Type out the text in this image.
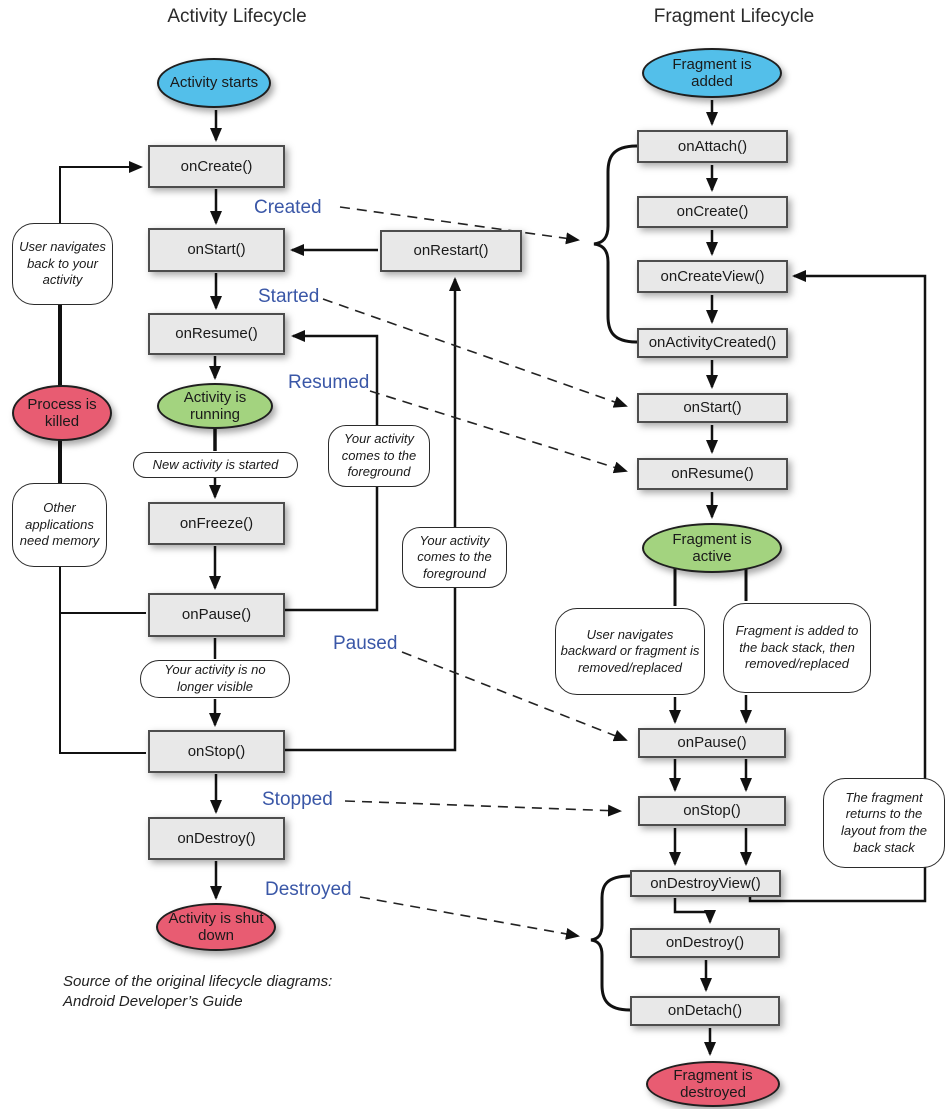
Activity Lifecycle	Fragment Lifecycle
Activity starts
Activity is running
Process is killed
Activity is shut down
onCreate()
onStart()
onResume()
onFreeze()
onPause()
onStop()
onDestroy()
onRestart()
User navigates back to your activity
Other applications need memory
New activity is started
Your activity comes to the foreground
Your activity comes to the foreground
Your activity is no longer visible
Created
Started
Resumed
Paused
Stopped
Destroyed
Fragment is added
Fragment is active
Fragment is destroyed
onAttach()
onCreate()
onCreateView()
onActivityCreated()
onStart()
onResume()
onPause()
onStop()
onDestroyView()
onDestroy()
onDetach()
User navigates backward or fragment is removed/replaced
Fragment is added to the back stack, then removed/replaced
The fragment returns to the layout from the back stack
Source of the original lifecycle diagrams:
Android Developer’s Guide
